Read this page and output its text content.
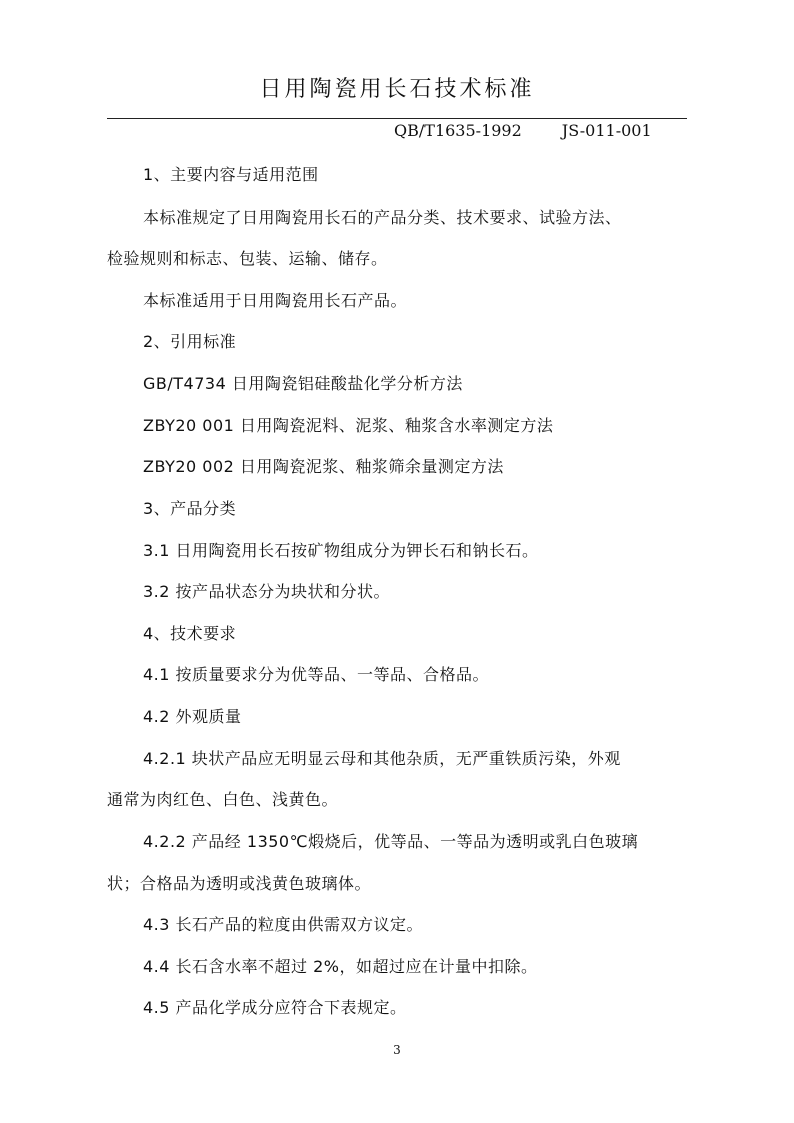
日用陶瓷用长石技术标准
QB/T1635-1992	JS-011-001
1、主要内容与适用范围
本标准规定了日用陶瓷用长石的产品分类、技术要求、试验方法、
检验规则和标志、包装、运输、储存。
本标准适用于日用陶瓷用长石产品。
2、引用标准
GB/T4734 日用陶瓷铝硅酸盐化学分析方法
ZBY20 001 日用陶瓷泥料、泥浆、釉浆含水率测定方法
ZBY20 002 日用陶瓷泥浆、釉浆筛余量测定方法
3、产品分类
3.1 日用陶瓷用长石按矿物组成分为钾长石和钠长石。
3.2 按产品状态分为块状和分状。
4、技术要求
4.1 按质量要求分为优等品、一等品、合格品。
4.2 外观质量
4.2.1 块状产品应无明显云母和其他杂质，无严重铁质污染，外观
通常为肉红色、白色、浅黄色。
4.2.2 产品经 1350℃煅烧后，优等品、一等品为透明或乳白色玻璃
状；合格品为透明或浅黄色玻璃体。
4.3 长石产品的粒度由供需双方议定。
4.4 长石含水率不超过 2%，如超过应在计量中扣除。
4.5 产品化学成分应符合下表规定。
3
